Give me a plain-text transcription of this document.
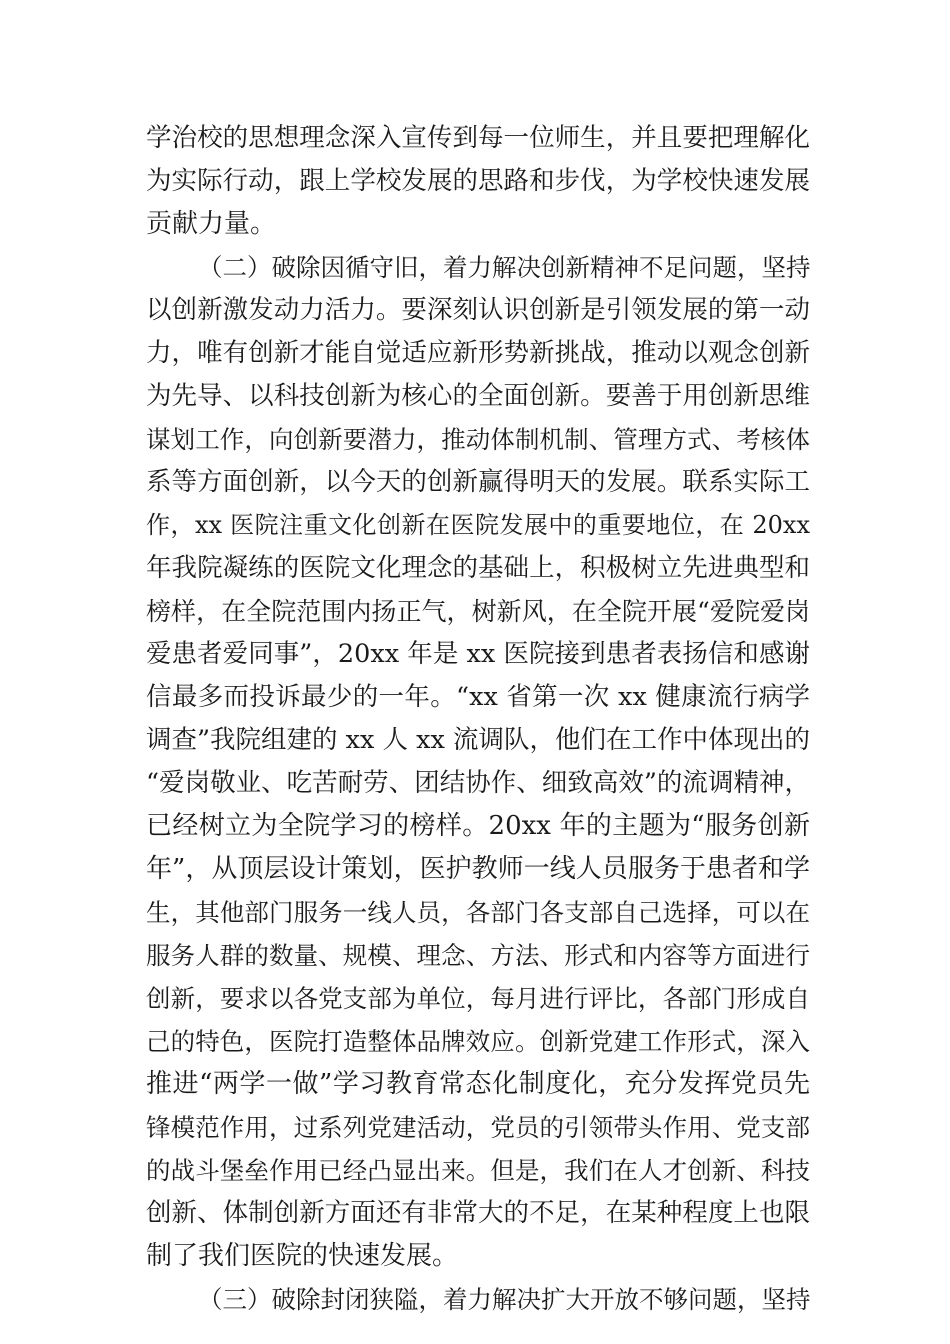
学治校的思想理念深入宣传到每一位师生，并且要把理解化
为实际行动，跟上学校发展的思路和步伐，为学校快速发展
贡献力量。
（二）破除因循守旧，着力解决创新精神不足问题，坚持
以创新激发动力活力。要深刻认识创新是引领发展的第一动
力，唯有创新才能自觉适应新形势新挑战，推动以观念创新
为先导、以科技创新为核心的全面创新。要善于用创新思维
谋划工作，向创新要潜力，推动体制机制、管理方式、考核体
系等方面创新，以今天的创新赢得明天的发展。联系实际工
作，xx 医院注重文化创新在医院发展中的重要地位，在 20xx
年我院凝练的医院文化理念的基础上，积极树立先进典型和
榜样，在全院范围内扬正气，树新风，在全院开展“爱院爱岗
爱患者爱同事”，20xx 年是 xx 医院接到患者表扬信和感谢
信最多而投诉最少的一年。“xx 省第一次 xx 健康流行病学
调查”我院组建的 xx 人 xx 流调队，他们在工作中体现出的
“爱岗敬业、吃苦耐劳、团结协作、细致高效”的流调精神，
已经树立为全院学习的榜样。20xx 年的主题为“服务创新
年”，从顶层设计策划，医护教师一线人员服务于患者和学
生，其他部门服务一线人员，各部门各支部自己选择，可以在
服务人群的数量、规模、理念、方法、形式和内容等方面进行
创新，要求以各党支部为单位，每月进行评比，各部门形成自
己的特色，医院打造整体品牌效应。创新党建工作形式，深入
推进“两学一做”学习教育常态化制度化，充分发挥党员先
锋模范作用，过系列党建活动，党员的引领带头作用、党支部
的战斗堡垒作用已经凸显出来。但是，我们在人才创新、科技
创新、体制创新方面还有非常大的不足，在某种程度上也限
制了我们医院的快速发展。
（三）破除封闭狭隘，着力解决扩大开放不够问题，坚持
